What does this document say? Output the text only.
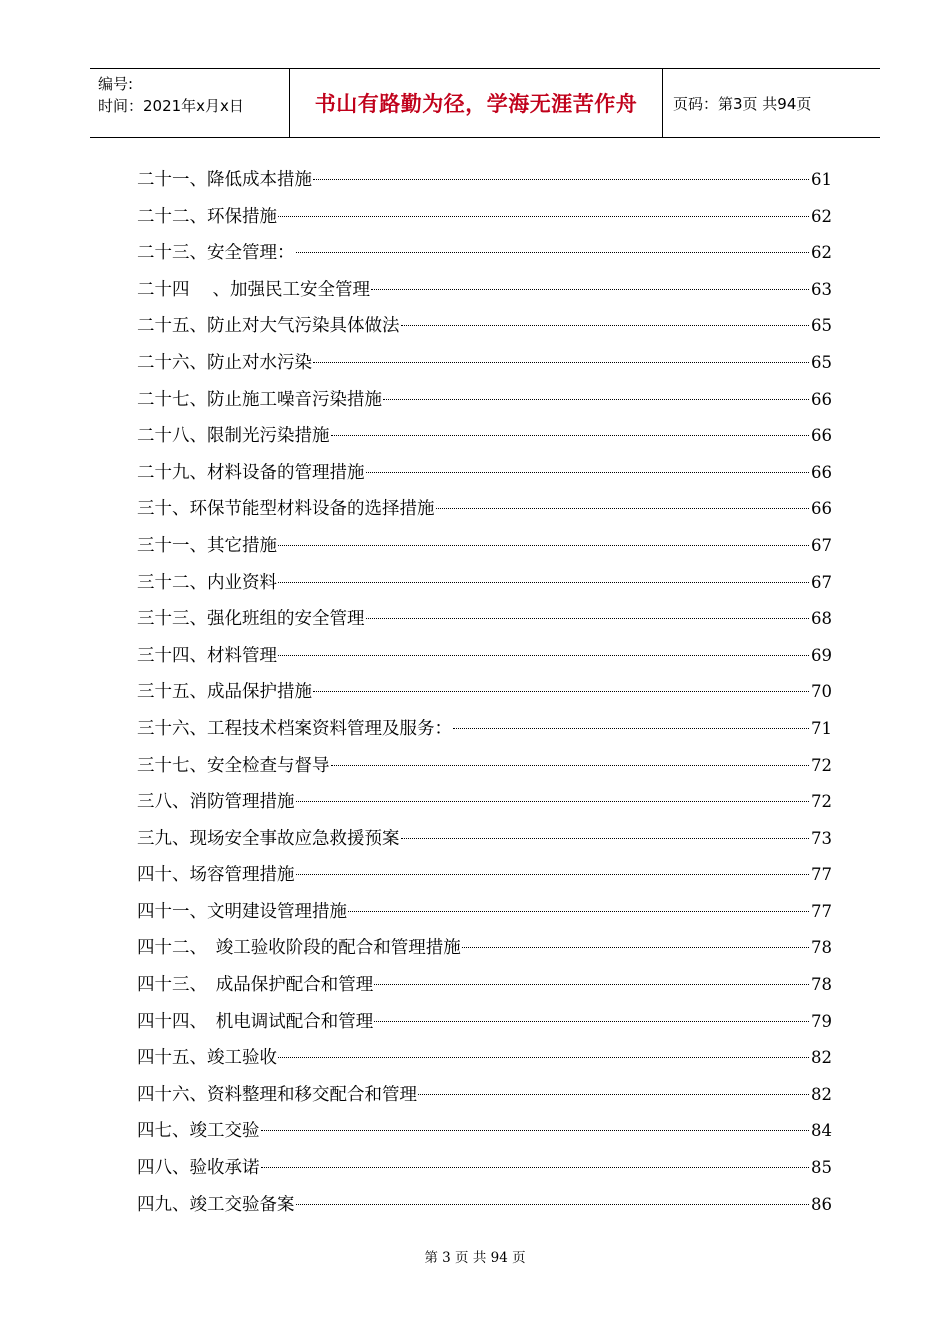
编号:
时间：2021年x月x日	书山有路勤为径，学海无涯苦作舟	页码：第3页 共94页
二十一、降低成本措施	61
二十二、环保措施	62
二十三、安全管理：	62
二十四　 、加强民工安全管理	63
二十五、防止对大气污染具体做法	65
二十六、防止对水污染	65
二十七、防止施工噪音污染措施	66
二十八、限制光污染措施	66
二十九、材料设备的管理措施	66
三十、环保节能型材料设备的选择措施	66
三十一、其它措施	67
三十二、内业资料	67
三十三、强化班组的安全管理	68
三十四、材料管理	69
三十五、成品保护措施	70
三十六、工程技术档案资料管理及服务：	71
三十七、安全检查与督导	72
三八、消防管理措施	72
三九、现场安全事故应急救援预案	73
四十、场容管理措施	77
四十一、文明建设管理措施	77
四十二、　竣工验收阶段的配合和管理措施	78
四十三、　成品保护配合和管理	78
四十四、　机电调试配合和管理	79
四十五、竣工验收	82
四十六、资料整理和移交配合和管理	82
四七、竣工交验	84
四八、验收承诺	85
四九、竣工交验备案	86
第 3 页 共 94 页
